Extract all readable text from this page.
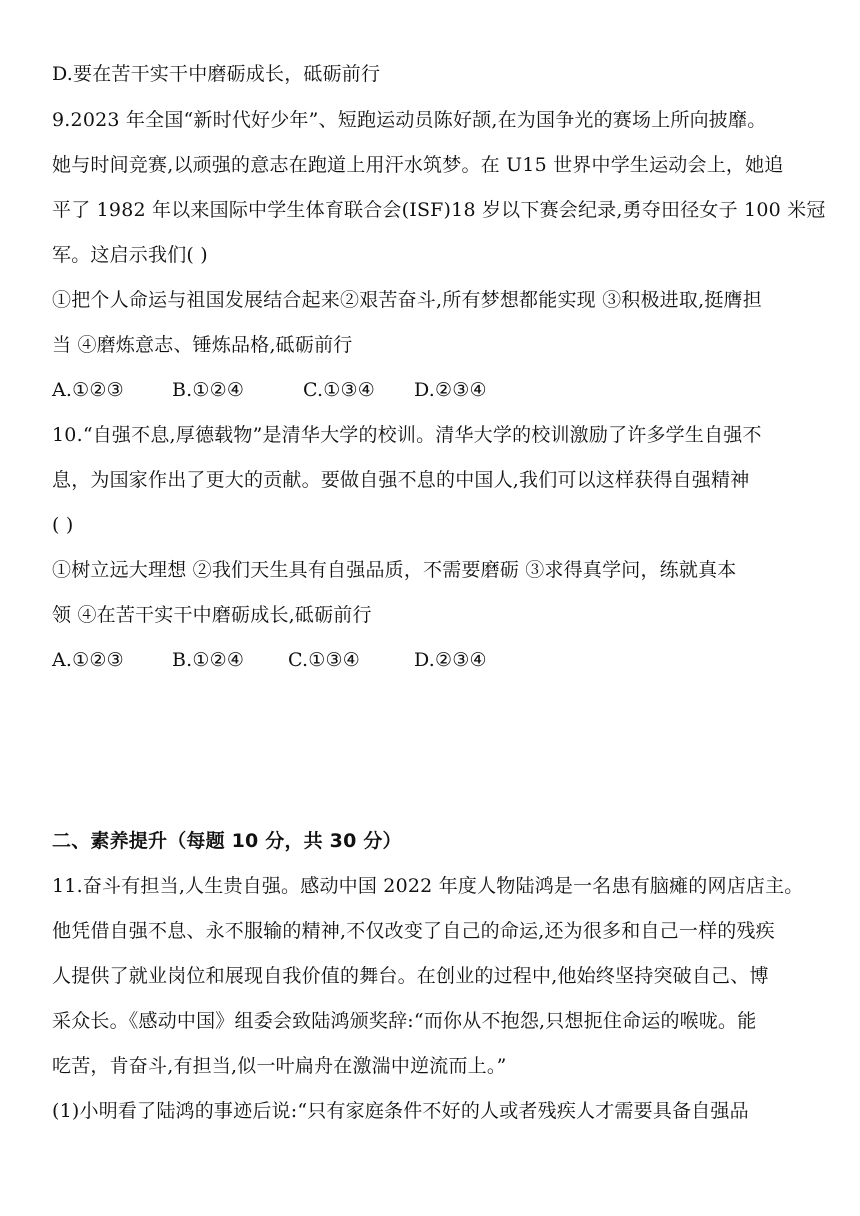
D.要在苦干实干中磨砺成长，砥砺前行
9.2023 年全国“新时代好少年”、短跑运动员陈好颉,在为国争光的赛场上所向披靡。
她与时间竞赛,以顽强的意志在跑道上用汗水筑梦。在 U15 世界中学生运动会上，她追
平了 1982 年以来国际中学生体育联合会(ISF)18 岁以下赛会纪录,勇夺田径女子 100 米冠
军。这启示我们( )
①把个人命运与祖国发展结合起来②艰苦奋斗,所有梦想都能实现 ③积极进取,挺膺担
当 ④磨炼意志、锤炼品格,砥砺前行
A.①②③	B.①②④	C.①③④	D.②③④
10.“自强不息,厚德载物”是清华大学的校训。清华大学的校训激励了许多学生自强不
息，为国家作出了更大的贡献。要做自强不息的中国人,我们可以这样获得自强精神
( )
①树立远大理想 ②我们天生具有自强品质，不需要磨砺 ③求得真学问，练就真本
领 ④在苦干实干中磨砺成长,砥砺前行
A.①②③	B.①②④	C.①③④	D.②③④
二、素养提升（每题 10 分，共 30 分）
11.奋斗有担当,人生贵自强。感动中国 2022 年度人物陆鸿是一名患有脑瘫的网店店主。
他凭借自强不息、永不服输的精神,不仅改变了自己的命运,还为很多和自己一样的残疾
人提供了就业岗位和展现自我价值的舞台。在创业的过程中,他始终坚持突破自己、博
采众长。《感动中国》组委会致陆鸿颁奖辞:“而你从不抱怨,只想扼住命运的喉咙。能
吃苦，肯奋斗,有担当,似一叶扁舟在激湍中逆流而上。”
(1)小明看了陆鸿的事迹后说:“只有家庭条件不好的人或者残疾人才需要具备自强品
